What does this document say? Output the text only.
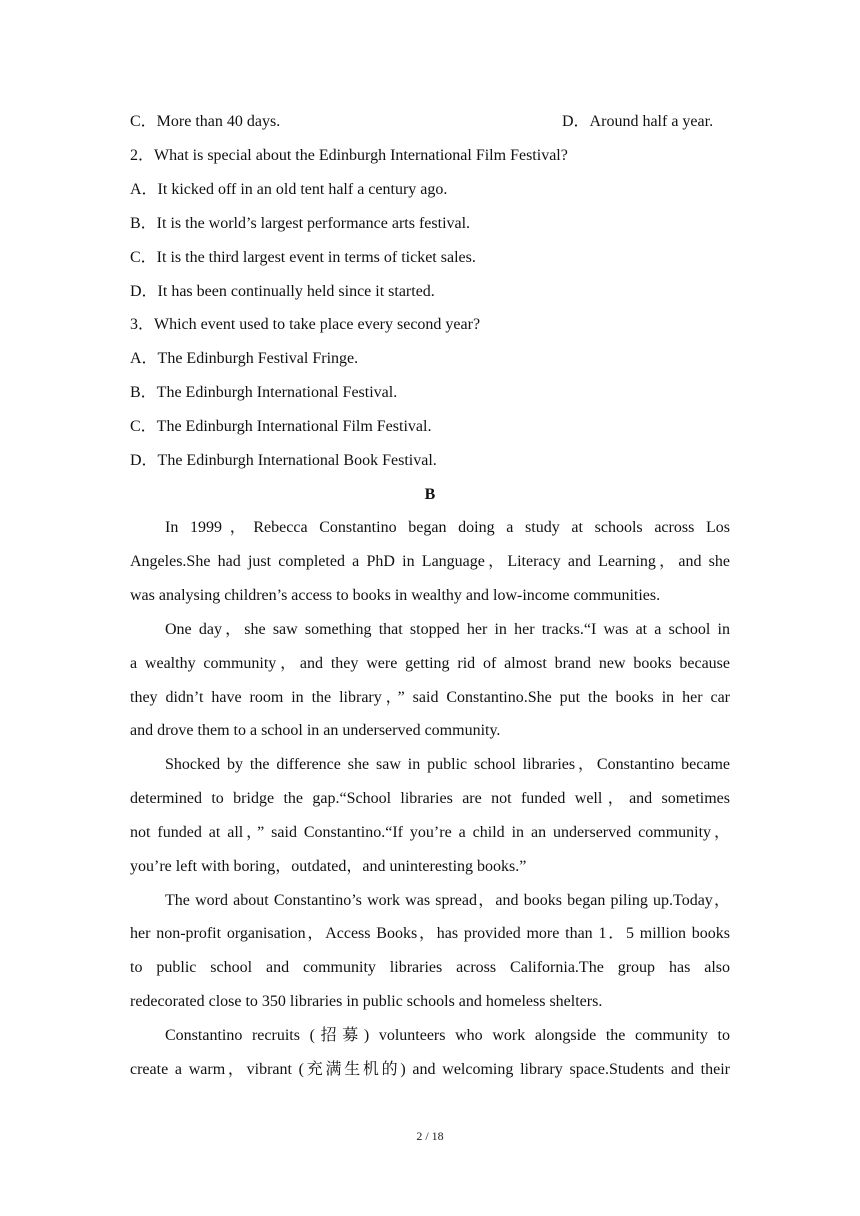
C．More than 40 days.	D．Around half a year.
2．What is special about the Edinburgh International Film Festival?
A．It kicked off in an old tent half a century ago.
B．It is the world’s largest performance arts festival.
C．It is the third largest event in terms of ticket sales.
D．It has been continually held since it started.
3．Which event used to take place every second year?
A．The Edinburgh Festival Fringe.
B．The Edinburgh International Festival.
C．The Edinburgh International Film Festival.
D．The Edinburgh International Book Festival.
B
In 1999，Rebecca Constantino began doing a study at schools across Los
Angeles.She had just completed a PhD in Language，Literacy and Learning，and she
was analysing children’s access to books in wealthy and low-income communities.
One day，she saw something that stopped her in her tracks.“I was at a school in
a wealthy community，and they were getting rid of almost brand new books because
they didn’t have room in the library，” said Constantino.She put the books in her car
and drove them to a school in an underserved community.
Shocked by the difference she saw in public school libraries，Constantino became
determined to bridge the gap.“School libraries are not funded well，and sometimes
not funded at all，” said Constantino.“If you’re a child in an underserved community，
you’re left with boring，outdated，and uninteresting books.”
The word about Constantino’s work was spread，and books began piling up.Today，
her non-profit organisation，Access Books，has provided more than 1．5 million books
to public school and community libraries across California.The group has also
redecorated close to 350 libraries in public schools and homeless shelters.
Constantino recruits (招募) volunteers who work alongside the community to
create a warm，vibrant (充满生机的) and welcoming library space.Students and their
2 / 18
